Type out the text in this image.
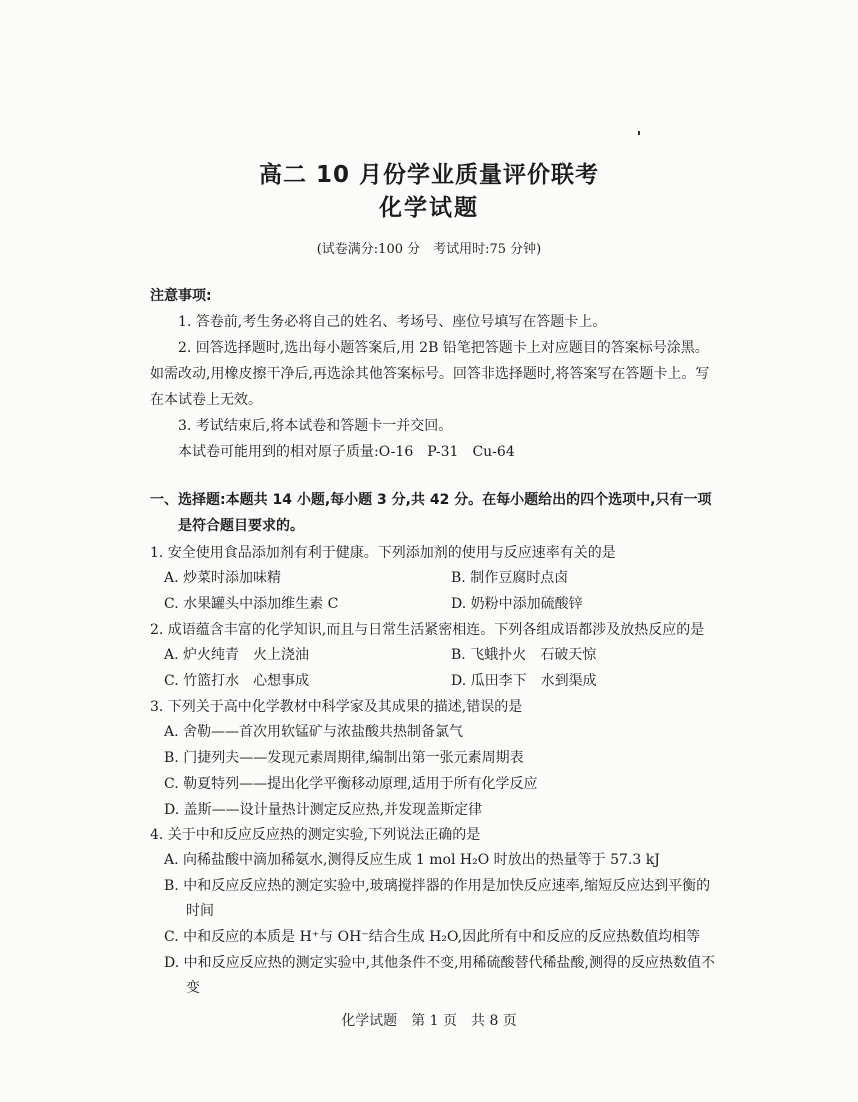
高二 10 月份学业质量评价联考
化学试题
(试卷满分:100 分　考试用时:75 分钟)
注意事项:
1. 答卷前,考生务必将自己的姓名、考场号、座位号填写在答题卡上。
2. 回答选择题时,选出每小题答案后,用 2B 铅笔把答题卡上对应题目的答案标号涂黑。如需改动,用橡皮擦干净后,再选涂其他答案标号。回答非选择题时,将答案写在答题卡上。写在本试卷上无效。
3. 考试结束后,将本试卷和答题卡一并交回。
本试卷可能用到的相对原子质量:O-16　P-31　Cu-64
一、选择题:本题共 14 小题,每小题 3 分,共 42 分。在每小题给出的四个选项中,只有一项是符合题目要求的。
1. 安全使用食品添加剂有利于健康。下列添加剂的使用与反应速率有关的是
A. 炒菜时添加味精	B. 制作豆腐时点卤
C. 水果罐头中添加维生素 C	D. 奶粉中添加硫酸锌
2. 成语蕴含丰富的化学知识,而且与日常生活紧密相连。下列各组成语都涉及放热反应的是
A. 炉火纯青　火上浇油	B. 飞蛾扑火　石破天惊
C. 竹篮打水　心想事成	D. 瓜田李下　水到渠成
3. 下列关于高中化学教材中科学家及其成果的描述,错误的是
A. 舍勒——首次用软锰矿与浓盐酸共热制备氯气
B. 门捷列夫——发现元素周期律,编制出第一张元素周期表
C. 勒夏特列——提出化学平衡移动原理,适用于所有化学反应
D. 盖斯——设计量热计测定反应热,并发现盖斯定律
4. 关于中和反应反应热的测定实验,下列说法正确的是
A. 向稀盐酸中滴加稀氨水,测得反应生成 1 mol H₂O 时放出的热量等于 57.3 kJ
B. 中和反应反应热的测定实验中,玻璃搅拌器的作用是加快反应速率,缩短反应达到平衡的时间
C. 中和反应的本质是 H⁺与 OH⁻结合生成 H₂O,因此所有中和反应的反应热数值均相等
D. 中和反应反应热的测定实验中,其他条件不变,用稀硫酸替代稀盐酸,测得的反应热数值不变
化学试题　第 1 页　共 8 页
